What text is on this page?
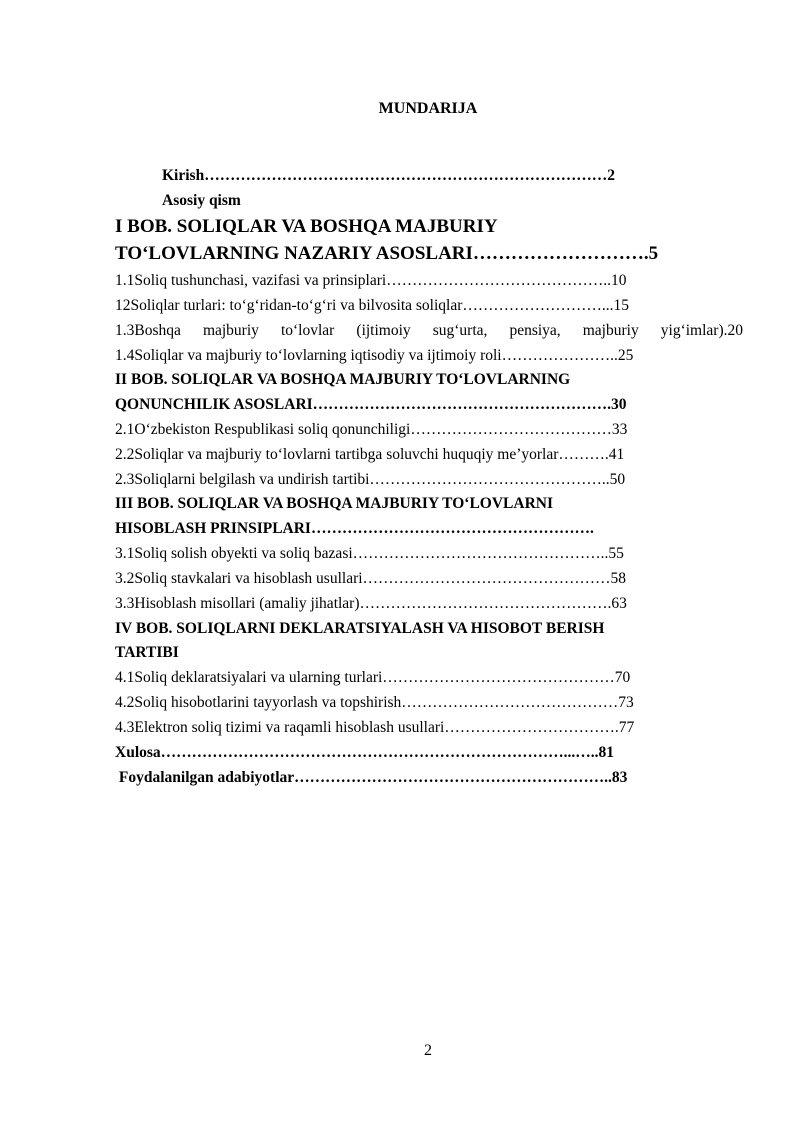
MUNDARIJA
Kirish……………………………………………………………………2
Asosiy qism
I BOB. SOLIQLAR VA BOSHQA MAJBURIY
TO‘LOVLARNING NAZARIY ASOSLARI……………………….5
1.1Soliq tushunchasi, vazifasi va prinsiplari……………………………………..10
12Soliqlar turlari: to‘g‘ridan-to‘g‘ri va bilvosita soliqlar………………………...15
1.3Boshqa majburiy to‘lovlar (ijtimoiy sug‘urta, pensiya, majburiy yig‘imlar).20
1.4Soliqlar va majburiy to‘lovlarning iqtisodiy va ijtimoiy roli…………………..25
II BOB. SOLIQLAR VA BOSHQA MAJBURIY TO‘LOVLARNING
QONUNCHILIK ASOSLARI………………………………………………….30
2.1O‘zbekiston Respublikasi soliq qonunchiligi…………………………………33
2.2Soliqlar va majburiy to‘lovlarni tartibga soluvchi huquqiy me’yorlar……….41
2.3Soliqlarni belgilash va undirish tartibi………………………………………..50
III BOB. SOLIQLAR VA BOSHQA MAJBURIY TO‘LOVLARNI
HISOBLASH PRINSIPLARI……………………………………………….
3.1Soliq solish obyekti va soliq bazasi…………………………………………..55
3.2Soliq stavkalari va hisoblash usullari…………………………………………58
3.3Hisoblash misollari (amaliy jihatlar)………………………………………….63
IV BOB. SOLIQLARNI DEKLARATSIYALASH VA HISOBOT BERISH
TARTIBI
4.1Soliq deklaratsiyalari va ularning turlari………………………………………70
4.2Soliq hisobotlarini tayyorlash va topshirish……………………………………73
4.3Elektron soliq tizimi va raqamli hisoblash usullari…………………………….77
Xulosa……………………………………………………………………...…..81
Foydalanilgan adabiyotlar……………………………………………………..83
2
